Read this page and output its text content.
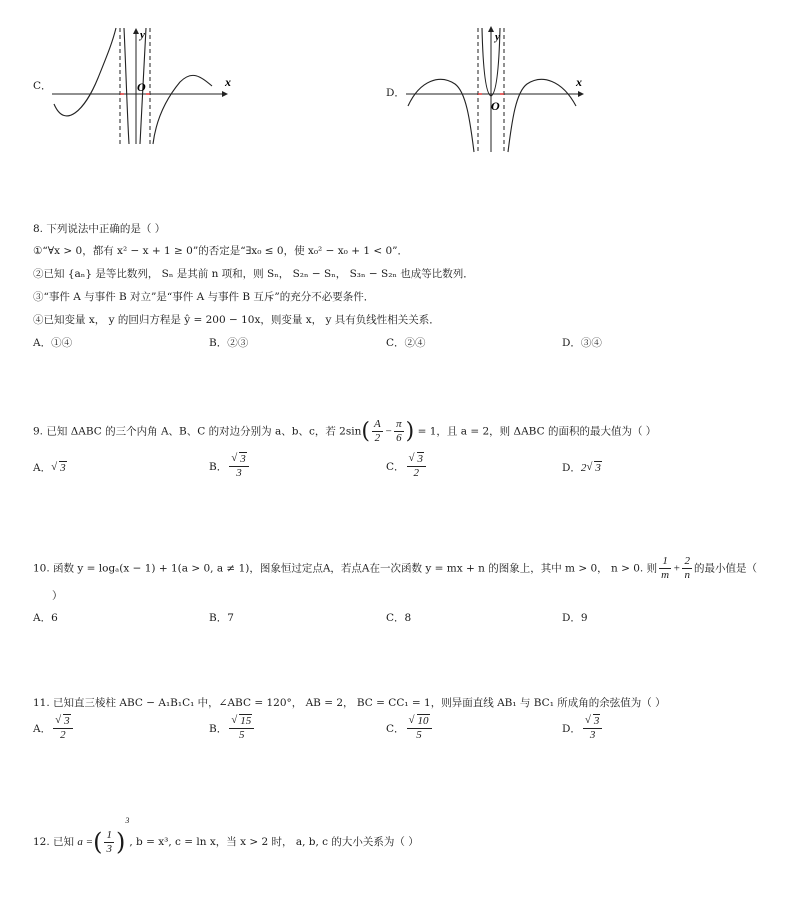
C．	x
y
O	D．
x
y
O
8. 下列说法中正确的是（ ）
①“∀x > 0，都有 x² − x + 1 ≥ 0”的否定是“∃x₀ ≤ 0，使 x₀² − x₀ + 1 < 0”．
②已知 {aₙ} 是等比数列， Sₙ 是其前 n 项和，则 Sₙ， S₂ₙ − Sₙ， S₃ₙ − S₂ₙ 也成等比数列．
③“事件 A 与事件 B 对立”是“事件 A 与事件 B 互斥”的充分不必要条件．
④已知变量 x， y 的回归方程是 ŷ = 200 − 10x，则变量 x， y 具有负线性相关关系．
A．①④	B．②③	C．②④	D．③④
9. 已知 ΔABC 的三个内角 A、B、C 的对边分别为 a、b、c，若 $2\sin( \frac{A}{2} - \frac{\pi}{6}$ ) = 1，且 a = 2，则 ΔABC 的面积的最大值为（ ）
A． √ 3	B． √ $\frac{3}{3}$	C． √ $\frac{3}{2}$	D．2 √ 3
10. 函数 y = logₐ(x − 1) + 1(a > 0, a ≠ 1)，图象恒过定点A，若点A在一次函数 y = mx + n 的图象上，其中 m > 0， n > 0. 则 $\frac{1}{m} + \frac{2}{n}$ 的最小值是（
）
A．6	B．7	C．8	D．9
11. 已知直三棱柱 ABC − A₁B₁C₁ 中，∠ABC = 120°， AB = 2， BC = CC₁ = 1，则异面直线 AB₁ 与 BC₁ 所成角的余弦值为（ ）
A． √ $\frac{3}{2}$	B． √ $\frac{15}{5}$	C． √ $\frac{10}{5}$	D． √ $\frac{3}{3}$
12. 已知 a =( $\frac{1}{3} )^3$, b = x³, c = ln x，当 x > 2 时， a, b, c 的大小关系为（ ）
